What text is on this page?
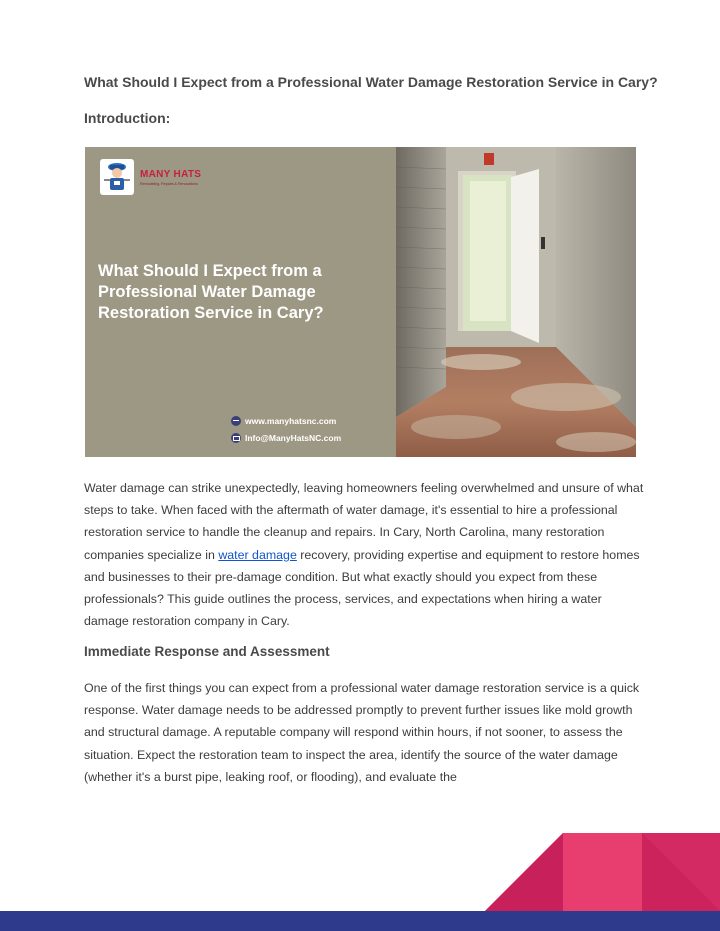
What Should I Expect from a Professional Water Damage Restoration Service in Cary?
Introduction:
MANY HATS
Remodeling, Repairs & Renovations
What Should I Expect from a Professional Water Damage Restoration Service in Cary?
www.manyhatsnc.com
Info@ManyHatsNC.com

Water damage can strike unexpectedly, leaving homeowners feeling overwhelmed and unsure of what steps to take. When faced with the aftermath of water damage, it's essential to hire a professional restoration service to handle the cleanup and repairs. In Cary, North Carolina, many restoration companies specialize in water damage recovery, providing expertise and equipment to restore homes and businesses to their pre-damage condition. But what exactly should you expect from these professionals? This guide outlines the process, services, and expectations when hiring a water damage restoration company in Cary.

Immediate Response and Assessment

One of the first things you can expect from a professional water damage restoration service is a quick response. Water damage needs to be addressed promptly to prevent further issues like mold growth and structural damage. A reputable company will respond within hours, if not sooner, to assess the situation. Expect the restoration team to inspect the area, identify the source of the water damage (whether it's a burst pipe, leaking roof, or flooding), and evaluate the
